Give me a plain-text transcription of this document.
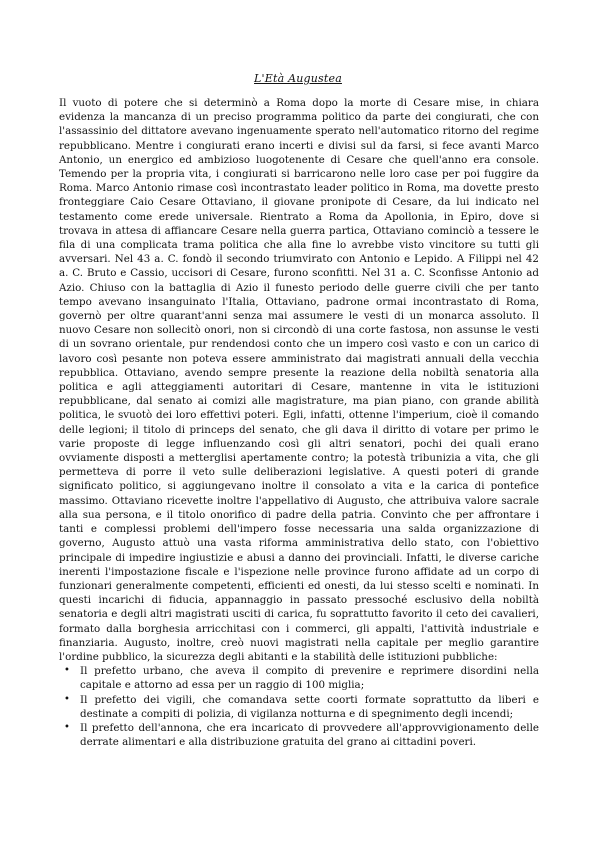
L'Età Augustea

Il vuoto di potere che si determinò a Roma dopo la morte di Cesare mise, in chiara evidenza la mancanza di un preciso programma politico da parte dei congiurati, che con l'assassinio del dittatore avevano ingenuamente sperato nell'automatico ritorno del regime repubblicano. Mentre i congiurati erano incerti e divisi sul da farsi, si fece avanti Marco Antonio, un energico ed ambizioso luogotenente di Cesare che quell'anno era console. Temendo per la propria vita, i congiurati si barricarono nelle loro case per poi fuggire da Roma. Marco Antonio rimase così incontrastato leader politico in Roma, ma dovette presto fronteggiare Caio Cesare Ottaviano, il giovane pronipote di Cesare, da lui indicato nel testamento come erede universale. Rientrato a Roma da Apollonia, in Epiro, dove si trovava in attesa di affiancare Cesare nella guerra partica, Ottaviano cominciò a tessere le fila di una complicata trama politica che alla fine lo avrebbe visto vincitore su tutti gli avversari. Nel 43 a. C. fondò il secondo triumvirato con Antonio e Lepido. A Filippi nel 42 a. C. Bruto e Cassio, uccisori di Cesare, furono sconfitti. Nel 31 a. C. Sconfisse Antonio ad Azio. Chiuso con la battaglia di Azio il funesto periodo delle guerre civili che per tanto tempo avevano insanguinato l'Italia, Ottaviano, padrone ormai incontrastato di Roma, governò per oltre quarant'anni senza mai assumere le vesti di un monarca assoluto. Il nuovo Cesare non sollecitò onori, non si circondò di una corte fastosa, non assunse le vesti di un sovrano orientale, pur rendendosi conto che un impero così vasto e con un carico di lavoro così pesante non poteva essere amministrato dai magistrati annuali della vecchia repubblica. Ottaviano, avendo sempre presente la reazione della nobiltà senatoria alla politica e agli atteggiamenti autoritari di Cesare, mantenne in vita le istituzioni repubblicane, dal senato ai comizi alle magistrature, ma pian piano, con grande abilità politica, le svuotò dei loro effettivi poteri. Egli, infatti, ottenne l'imperium, cioè il comando delle legioni; il titolo di princeps del senato, che gli dava il diritto di votare per primo le varie proposte di legge influenzando così gli altri senatori, pochi dei quali erano ovviamente disposti a metterglisi apertamente contro; la potestà tribunizia a vita, che gli permetteva di porre il veto sulle deliberazioni legislative. A questi poteri di grande significato politico, si aggiungevano inoltre il consolato a vita e la carica di pontefice massimo. Ottaviano ricevette inoltre l'appellativo di Augusto, che attribuiva valore sacrale alla sua persona, e il titolo onorifico di padre della patria. Convinto che per affrontare i tanti e complessi problemi dell'impero fosse necessaria una salda organizzazione di governo, Augusto attuò una vasta riforma amministrativa dello stato, con l'obiettivo principale di impedire ingiustizie e abusi a danno dei provinciali. Infatti, le diverse cariche inerenti l'impostazione fiscale e l'ispezione nelle province furono affidate ad un corpo di funzionari generalmente competenti, efficienti ed onesti, da lui stesso scelti e nominati. In questi incarichi di fiducia, appannaggio in passato pressoché esclusivo della nobiltà senatoria e degli altri magistrati usciti di carica, fu soprattutto favorito il ceto dei cavalieri, formato dalla borghesia arricchitasi con i commerci, gli appalti, l'attività industriale e finanziaria. Augusto, inoltre, creò nuovi magistrati nella capitale per meglio garantire l'ordine pubblico, la sicurezza degli abitanti e la stabilità delle istituzioni pubbliche:

• Il prefetto urbano, che aveva il compito di prevenire e reprimere disordini nella capitale e attorno ad essa per un raggio di 100 miglia;
• Il prefetto dei vigili, che comandava sette coorti formate soprattutto da liberi e destinate a compiti di polizia, di vigilanza notturna e di spegnimento degli incendi;
• Il prefetto dell'annona, che era incaricato di provvedere all'approvvigionamento delle derrate alimentari e alla distribuzione gratuita del grano ai cittadini poveri.
